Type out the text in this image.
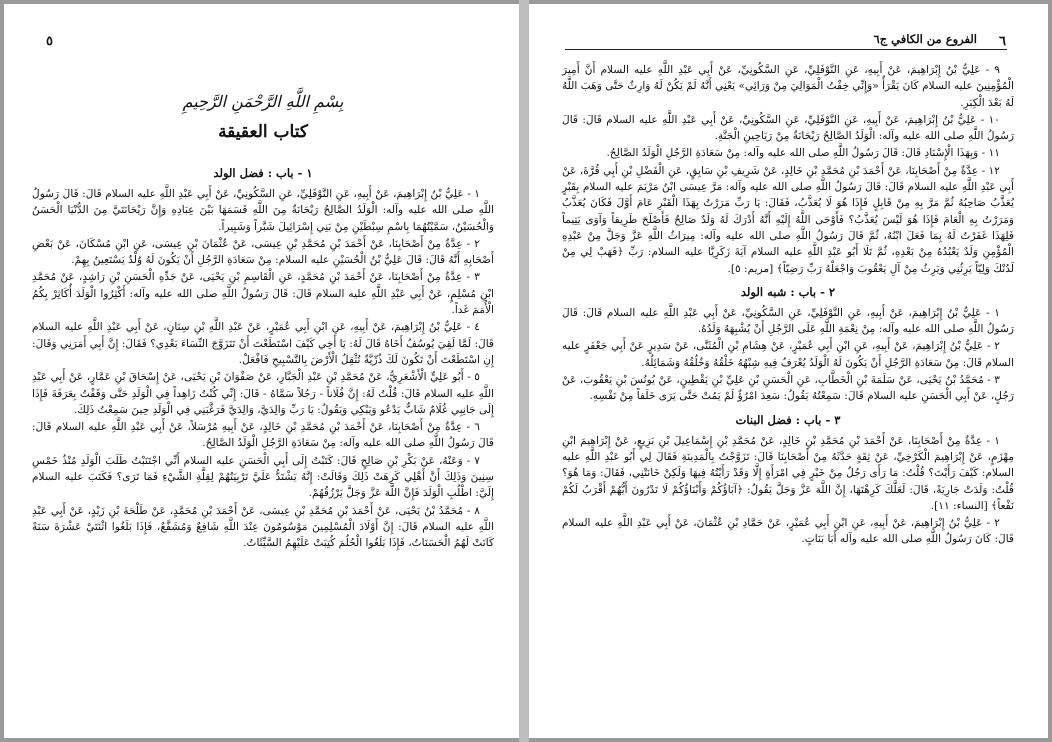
٥
بِسْمِ اللَّهِ الرَّحْمَنِ الرَّحِيمِ
كتاب العقيقة
١ - باب : فضل الولد

١ - عَلِيُّ بْنُ إِبْرَاهِيمَ، عَنْ أَبِيهِ، عَنِ النَّوْفَلِيِّ، عَنِ السَّكُونِيِّ، عَنْ أَبِي عَبْدِ اللَّهِ عليه السلام قَالَ: قَالَ رَسُولُ اللَّهِ صلى الله عليه وآله: الْوَلَدُ الصَّالِحُ رَيْحَانَةٌ مِنَ اللَّهِ قَسَمَهَا بَيْنَ عِبَادِهِ وَإِنَّ رَيْحَانَتَيَّ مِنَ الدُّنْيَا الْحَسَنُ وَالْحُسَيْنُ، سَمَّيْتُهُمَا بِاسْمِ سِبْطَيْنِ مِنْ بَنِي إِسْرَائِيلَ شَبَّراً وَشَبِيراً.

٢ - عِدَّةٌ مِنْ أَصْحَابِنَا، عَنْ أَحْمَدَ بْنِ مُحَمَّدِ بْنِ عِيسَى، عَنْ عُثْمَانَ بْنِ عِيسَى، عَنِ ابْنِ مُسْكَانَ، عَنْ بَعْضِ أَصْحَابِهِ أَنَّهُ قَالَ: قَالَ عَلِيُّ بْنُ الْحُسَيْنِ عليه السلام: مِنْ سَعَادَةِ الرَّجُلِ أَنْ يَكُونَ لَهُ وُلْدٌ يَسْتَعِينُ بِهِمْ.

٣ - عِدَّةٌ مِنْ أَصْحَابِنَا، عَنْ أَحْمَدَ بْنِ مُحَمَّدٍ، عَنِ الْقَاسِمِ بْنِ يَحْيَى، عَنْ جَدِّهِ الْحَسَنِ بْنِ رَاشِدٍ، عَنْ مُحَمَّدِ ابْنِ مُسْلِمٍ، عَنْ أَبِي عَبْدِ اللَّهِ عليه السلام قَالَ: قَالَ رَسُولُ اللَّهِ صلى الله عليه وآله: أَكْثِرُوا الْوَلَدَ أُكَاثِرْ بِكُمُ الْأُمَمَ غَداً.

٤ - عَلِيُّ بْنُ إِبْرَاهِيمَ، عَنْ أَبِيهِ، عَنِ ابْنِ أَبِي عُمَيْرٍ، عَنْ عَبْدِ اللَّهِ بْنِ سِنَانٍ، عَنْ أَبِي عَبْدِ اللَّهِ عليه السلام قَالَ: لَمَّا لَقِيَ يُوسُفُ أَخَاهُ قَالَ لَهُ: يَا أَخِي كَيْفَ اسْتَطَعْتَ أَنْ تَتَزَوَّجَ النِّسَاءَ بَعْدِي؟ فَقَالَ: إِنَّ أَبِي أَمَرَنِي وَقَالَ: إِنِ اسْتَطَعْتَ أَنْ تَكُونَ لَكَ ذُرِّيَّةٌ تُثْقِلُ الْأَرْضَ بِالتَّسْبِيحِ فَافْعَلْ.

٥ - أَبُو عَلِيٍّ الْأَشْعَرِيُّ، عَنْ مُحَمَّدِ بْنِ عَبْدِ الْجَبَّارِ، عَنْ صَفْوَانَ بْنِ يَحْيَى، عَنْ إِسْحَاقَ بْنِ عَمَّارٍ، عَنْ أَبِي عَبْدِ اللَّهِ عليه السلام قَالَ: قُلْتُ لَهُ: إِنَّ فُلَاناً - رَجُلاً سَمَّاهُ - قَالَ: إِنِّي كُنْتُ زَاهِداً فِي الْوَلَدِ حَتَّى وَقَفْتُ بِعَرَفَةَ فَإِذَا إِلَى جَانِبِي غُلَامٌ شَابٌّ يَدْعُو وَيَبْكِي وَيَقُولُ: يَا رَبِّ وَالِدَيَّ، وَالِدَيَّ فَرَغَّبَنِي فِي الْوَلَدِ حِينَ سَمِعْتُ ذَلِكَ.

٦ - عِدَّةٌ مِنْ أَصْحَابِنَا، عَنْ أَحْمَدَ بْنِ مُحَمَّدِ بْنِ خَالِدٍ، عَنْ أَبِيهِ مُرْسَلاً، عَنْ أَبِي عَبْدِ اللَّهِ عليه السلام قَالَ: قَالَ رَسُولُ اللَّهِ صلى الله عليه وآله: مِنْ سَعَادَةِ الرَّجُلِ الْوَلَدُ الصَّالِحُ.

٧ - وَعَنْهُ، عَنْ بَكْرِ بْنِ صَالِحٍ قَالَ: كَتَبْتُ إِلَى أَبِي الْحَسَنِ عليه السلام أَنِّي اجْتَنَبْتُ طَلَبَ الْوَلَدِ مُنْذُ خَمْسِ سِنِينَ وَذَلِكَ أَنَّ أَهْلِي كَرِهَتْ ذَلِكَ وَقَالَتْ: إِنَّهُ يَشْتَدُّ عَلَيَّ تَرْبِيَتُهُمْ لِقِلَّةِ الشَّيْءِ فَمَا تَرَى؟ فَكَتَبَ عليه السلام إِلَيَّ: اطْلُبِ الْوَلَدَ فَإِنَّ اللَّهَ عَزَّ وَجَلَّ يَرْزُقُهُمْ.

٨ - مُحَمَّدُ بْنُ يَحْيَى، عَنْ أَحْمَدَ بْنِ مُحَمَّدِ بْنِ عِيسَى، عَنْ أَحْمَدَ بْنِ مُحَمَّدٍ، عَنْ طَلْحَةَ بْنِ زَيْدٍ، عَنْ أَبِي عَبْدِ اللَّهِ عليه السلام قَالَ: إِنَّ أَوْلَادَ الْمُسْلِمِينَ مَوْسُومُونَ عِنْدَ اللَّهِ شَافِعٌ وَمُشَفَّعٌ، فَإِذَا بَلَغُوا اثْنَتَيْ عَشْرَةَ سَنَةً كَانَتْ لَهُمُ الْحَسَنَاتُ، فَإِذَا بَلَغُوا الْحُلُمَ كُتِبَتْ عَلَيْهِمُ السَّيِّئَاتُ.

٦
الفروع من الكافي ج٦

٩ - عَلِيُّ بْنُ إِبْرَاهِيمَ، عَنْ أَبِيهِ، عَنِ النَّوْفَلِيِّ، عَنِ السَّكُونِيِّ، عَنْ أَبِي عَبْدِ اللَّهِ عليه السلام أَنَّ أَمِيرَ الْمُؤْمِنِينَ عليه السلام كَانَ يَقْرَأُ «وَإِنِّي خِفْتُ الْمَوَالِيَ مِنْ وَرَائِي» يَعْنِي أَنَّهُ لَمْ يَكُنْ لَهُ وَارِثٌ حَتَّى وَهَبَ اللَّهُ لَهُ بَعْدَ الْكِبَرِ.

١٠ - عَلِيُّ بْنُ إِبْرَاهِيمَ، عَنْ أَبِيهِ، عَنِ النَّوْفَلِيِّ، عَنِ السَّكُونِيِّ، عَنْ أَبِي عَبْدِ اللَّهِ عليه السلام قَالَ: قَالَ رَسُولُ اللَّهِ صلى الله عليه وآله: الْوَلَدُ الصَّالِحُ رَيْحَانَةٌ مِنْ رَيَاحِينِ الْجَنَّةِ.

١١ - وَبِهَذَا الْإِسْنَادِ قَالَ: قَالَ رَسُولُ اللَّهِ صلى الله عليه وآله: مِنْ سَعَادَةِ الرَّجُلِ الْوَلَدُ الصَّالِحُ.

١٢ - عِدَّةٌ مِنْ أَصْحَابِنَا، عَنْ أَحْمَدَ بْنِ مُحَمَّدِ بْنِ خَالِدٍ، عَنْ شَرِيفِ بْنِ سَابِقٍ، عَنِ الْفَضْلِ بْنِ أَبِي قُرَّةَ، عَنْ أَبِي عَبْدِ اللَّهِ عليه السلام قَالَ: قَالَ رَسُولُ اللَّهِ صلى الله عليه وآله: مَرَّ عِيسَى ابْنُ مَرْيَمَ عليه السلام بِقَبْرٍ يُعَذَّبُ صَاحِبُهُ ثُمَّ مَرَّ بِهِ مِنْ قَابِلٍ فَإِذَا هُوَ لَا يُعَذَّبُ، فَقَالَ: يَا رَبِّ مَرَرْتُ بِهَذَا الْقَبْرِ عَامَ أَوَّلَ فَكَانَ يُعَذَّبُ وَمَرَرْتُ بِهِ الْعَامَ فَإِذَا هُوَ لَيْسَ يُعَذَّبُ؟ فَأَوْحَى اللَّهُ إِلَيْهِ أَنَّهُ أَدْرَكَ لَهُ وَلَدٌ صَالِحٌ فَأَصْلَحَ طَرِيقاً وَآوَى يَتِيماً فَلِهَذَا غَفَرْتُ لَهُ بِمَا فَعَلَ ابْنُهُ، ثُمَّ قَالَ رَسُولُ اللَّهِ صلى الله عليه وآله: مِيرَاثُ اللَّهِ عَزَّ وَجَلَّ مِنْ عَبْدِهِ الْمُؤْمِنِ وَلَدٌ يَعْبُدُهُ مِنْ بَعْدِهِ، ثُمَّ تَلَا أَبُو عَبْدِ اللَّهِ عليه السلام آيَةَ زَكَرِيَّا عليه السلام: رَبِّ ﴿فَهَبْ لِي مِنْ لَدُنْكَ وَلِيّاً يَرِثُنِي وَيَرِثُ مِنْ آلِ يَعْقُوبَ وَاجْعَلْهُ رَبِّ رَضِيّاً﴾ [مريم: ٥].

٢ - باب : شبه الولد

١ - عَلِيُّ بْنُ إِبْرَاهِيمَ، عَنْ أَبِيهِ، عَنِ النَّوْفَلِيِّ، عَنِ السَّكُونِيِّ، عَنْ أَبِي عَبْدِ اللَّهِ عليه السلام قَالَ: قَالَ رَسُولُ اللَّهِ صلى الله عليه وآله: مِنْ نِعْمَةِ اللَّهِ عَلَى الرَّجُلِ أَنْ يُشْبِهَهُ وَلَدُهُ.

٢ - عَلِيُّ بْنُ إِبْرَاهِيمَ، عَنْ أَبِيهِ، عَنِ ابْنِ أَبِي عُمَيْرٍ، عَنْ هِشَامِ بْنِ الْمُثَنَّى، عَنْ سَدِيرٍ عَنْ أَبِي جَعْفَرٍ عليه السلام قَالَ: مِنْ سَعَادَةِ الرَّجُلِ أَنْ يَكُونَ لَهُ الْوَلَدُ يُعْرَفُ فِيهِ شِبْهُهُ خَلْقُهُ وَخُلُقُهُ وَشَمَائِلُهُ.

٣ - مُحَمَّدُ بْنُ يَحْيَى، عَنْ سَلَمَةَ بْنِ الْخَطَّابِ، عَنِ الْحَسَنِ بْنِ عَلِيِّ بْنِ يَقْطِينٍ، عَنْ يُونُسَ بْنِ يَعْقُوبَ، عَنْ رَجُلٍ، عَنْ أَبِي الْحَسَنِ عليه السلام قَالَ: سَمِعْتُهُ يَقُولُ: سَعِدَ امْرُؤٌ لَمْ يَمُتْ حَتَّى يَرَى خَلَفاً مِنْ نَفْسِهِ.

٣ - باب : فضل البنات

١ - عِدَّةٌ مِنْ أَصْحَابِنَا، عَنْ أَحْمَدَ بْنِ مُحَمَّدِ بْنِ خَالِدٍ، عَنْ مُحَمَّدِ بْنِ إِسْمَاعِيلَ بْنِ بَزِيعٍ، عَنْ إِبْرَاهِيمَ ابْنِ مِهْزَمٍ، عَنْ إِبْرَاهِيمَ الْكَرْخِيِّ، عَنْ ثِقَةٍ حَدَّثَهُ مِنْ أَصْحَابِنَا قَالَ: تَزَوَّجْتُ بِالْمَدِينَةِ فَقَالَ لِي أَبُو عَبْدِ اللَّهِ عليه السلام: كَيْفَ رَأَيْتَ؟ قُلْتُ: مَا رَأَى رَجُلٌ مِنْ خَيْرٍ فِي امْرَأَةٍ إِلَّا وَقَدْ رَأَيْتُهُ فِيهَا وَلَكِنْ خَانَتْنِي، فَقَالَ: وَمَا هُوَ؟ قُلْتُ: وَلَدَتْ جَارِيَةً، قَالَ: لَعَلَّكَ كَرِهْتَهَا، إِنَّ اللَّهَ عَزَّ وَجَلَّ يَقُولُ: ﴿آبَاؤُكُمْ وَأَبْنَاؤُكُمْ لَا تَدْرُونَ أَيُّهُمْ أَقْرَبُ لَكُمْ نَفْعاً﴾ [النساء: ١١].

٢ - عَلِيُّ بْنُ إِبْرَاهِيمَ، عَنْ أَبِيهِ، عَنِ ابْنِ أَبِي عُمَيْرٍ، عَنْ حَمَّادِ بْنِ عُثْمَانَ، عَنْ أَبِي عَبْدِ اللَّهِ عليه السلام قَالَ: كَانَ رَسُولُ اللَّهِ صلى الله عليه وآله أَبَا بَنَاتٍ.
